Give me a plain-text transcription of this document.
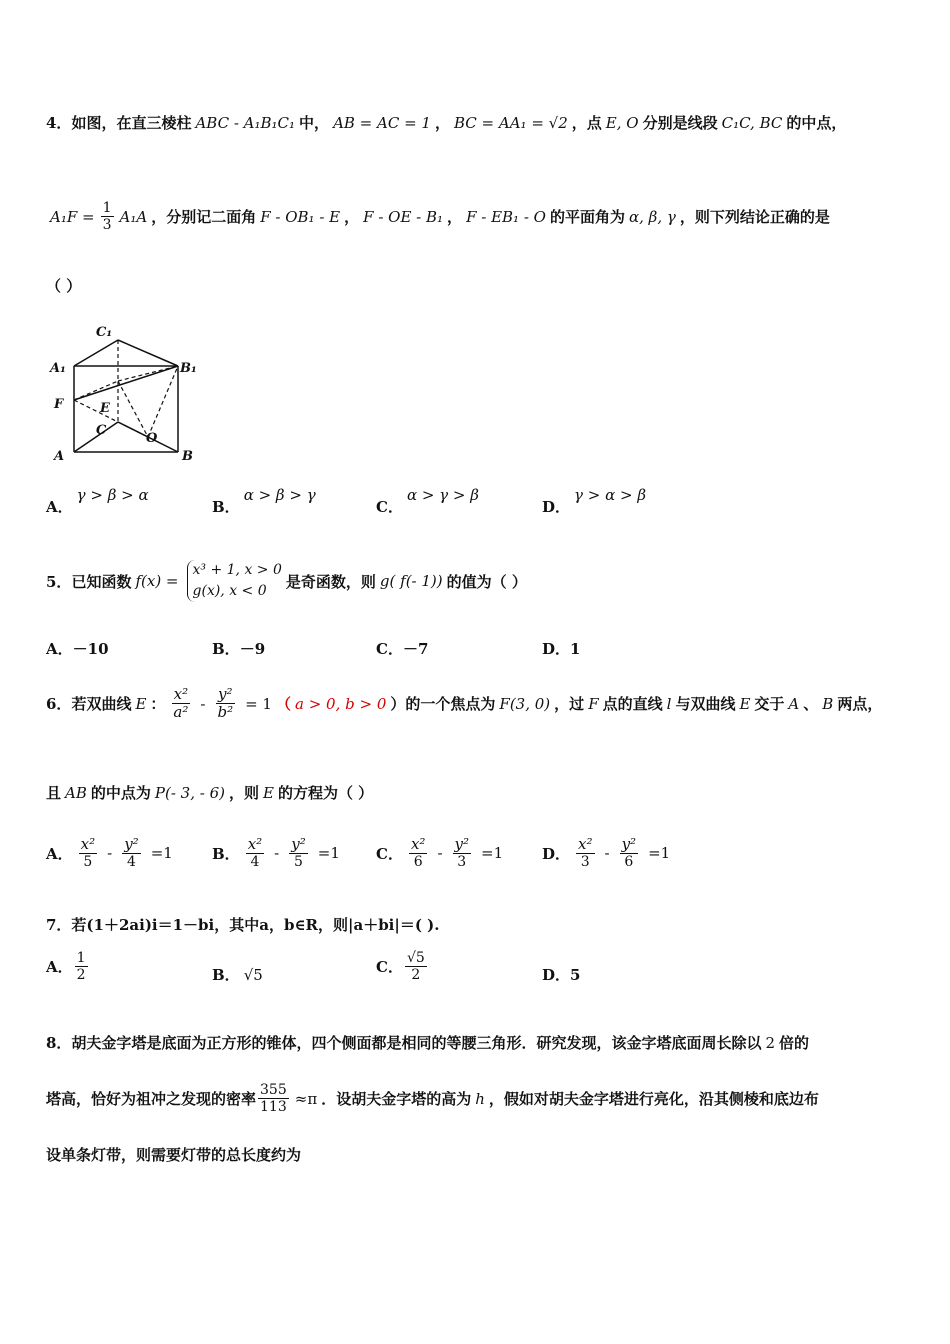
4． 如图，在直三棱柱 ABC - A₁B₁C₁ 中， AB = AC = 1 ， BC = AA₁ = √2 ，点 E, O 分别是线段 C₁C, BC 的中点，
$A_1F = \frac{1}{3} A_1A$ ，分别记二面角 F - OB₁ - E ， F - OE - B₁ ， F - EB₁ - O 的平面角为 α, β, γ ，则下列结论正确的是
（ ）
C₁
A₁	B₁
F	E
C
O
A	B
A．
γ > β > α
B．
α > β > γ
C．
α > γ > β
D．
γ > α > β
5． 已知函数 f(x) =
x³ + 1, x > 0
g(x), x < 0
是奇函数，则 g( f(- 1)) 的值为（ ）
A． －10	B． －9	C． －7	D． 1
6． 若双曲线 E ： $\frac{\text{x²}}{\text{a²}} - \frac{\text{y²}}{\text{b²}} = 1$ （ a > 0, b > 0 ） 的一个焦点为 F(3, 0) ，过 F 点的直线 l 与双曲线 E 交于 A 、 B 两点，
且 AB 的中点为 P(- 3, - 6) ，则 E 的方程为（ ）
A． $\frac{\text{x²}}{5} - \frac{\text{y²}}{4} =1$	B． $\frac{\text{x²}}{4} - \frac{\text{y²}}{5} =1$ C． $\frac{\text{x²}}{6} - \frac{\text{y²}}{3} =1$	D． $\frac{\text{x²}}{3} - \frac{\text{y²}}{6} =1$
7．若(1＋2ai)i＝1－bi，其中a，b∈R，则|a＋bi|＝( ).
A． $\frac{1}{2}$	B． √5	C． $\frac{√5}{2}$	D． 5
8．胡夫金字塔是底面为正方形的锥体，四个侧面都是相同的等腰三角形．研究发现，该金字塔底面周长除以 2 倍的
塔高，恰好为祖冲之发现的密率 $\frac{355}{113} \approx\pi$ ．设胡夫金字塔的高为 h ，假如对胡夫金字塔进行亮化，沿其侧棱和底边布
设单条灯带，则需要灯带的总长度约为
